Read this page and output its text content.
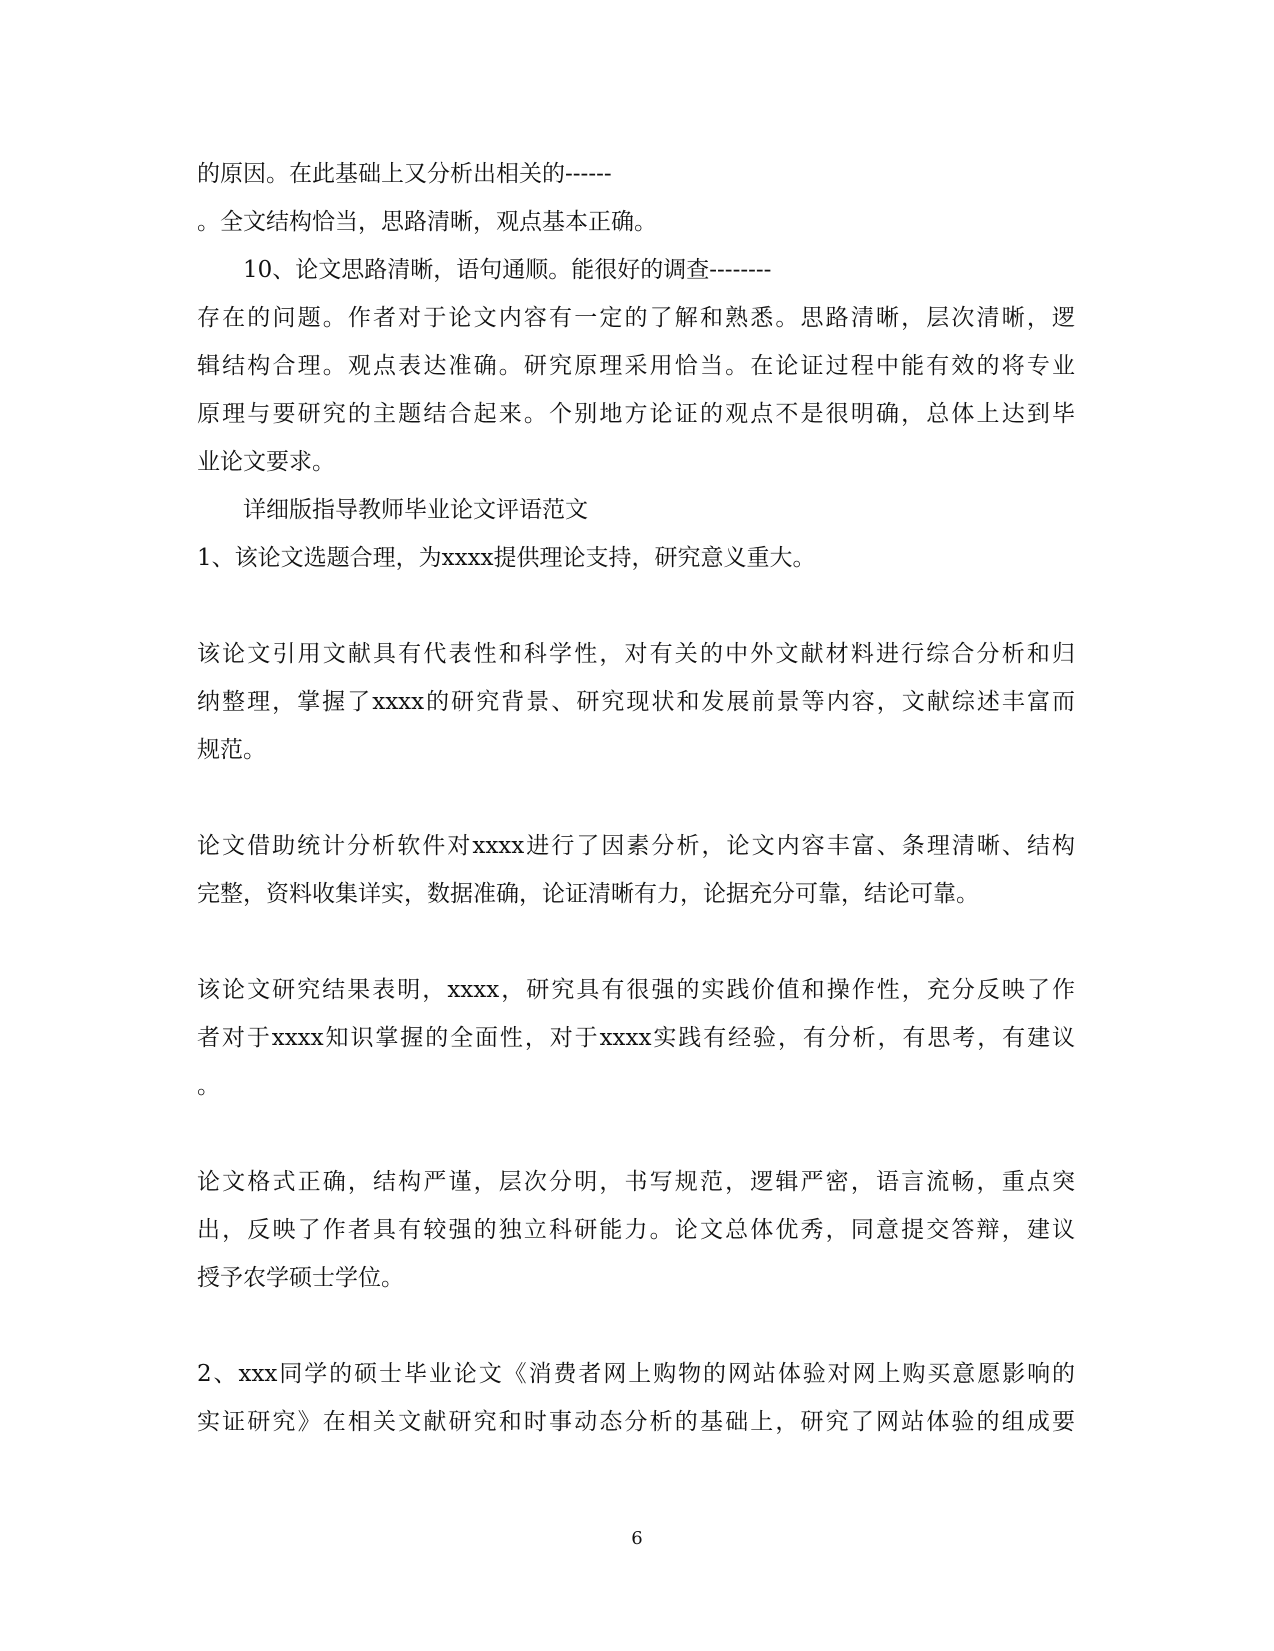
的原因。在此基础上又分析出相关的------
。全文结构恰当，思路清晰，观点基本正确。
10、论文思路清晰，语句通顺。能很好的调查--------
存在的问题。作者对于论文内容有一定的了解和熟悉。思路清晰，层次清晰，逻
辑结构合理。观点表达准确。研究原理采用恰当。在论证过程中能有效的将专业
原理与要研究的主题结合起来。个别地方论证的观点不是很明确，总体上达到毕
业论文要求。
详细版指导教师毕业论文评语范文
1、该论文选题合理，为xxxx提供理论支持，研究意义重大。
该论文引用文献具有代表性和科学性，对有关的中外文献材料进行综合分析和归
纳整理，掌握了xxxx的研究背景、研究现状和发展前景等内容，文献综述丰富而
规范。
论文借助统计分析软件对xxxx进行了因素分析，论文内容丰富、条理清晰、结构
完整，资料收集详实，数据准确，论证清晰有力，论据充分可靠，结论可靠。
该论文研究结果表明，xxxx，研究具有很强的实践价值和操作性，充分反映了作
者对于xxxx知识掌握的全面性，对于xxxx实践有经验，有分析，有思考，有建议
。
论文格式正确，结构严谨，层次分明，书写规范，逻辑严密，语言流畅，重点突
出，反映了作者具有较强的独立科研能力。论文总体优秀，同意提交答辩，建议
授予农学硕士学位。
2、xxx同学的硕士毕业论文《消费者网上购物的网站体验对网上购买意愿影响的
实证研究》在相关文献研究和时事动态分析的基础上，研究了网站体验的组成要
6
